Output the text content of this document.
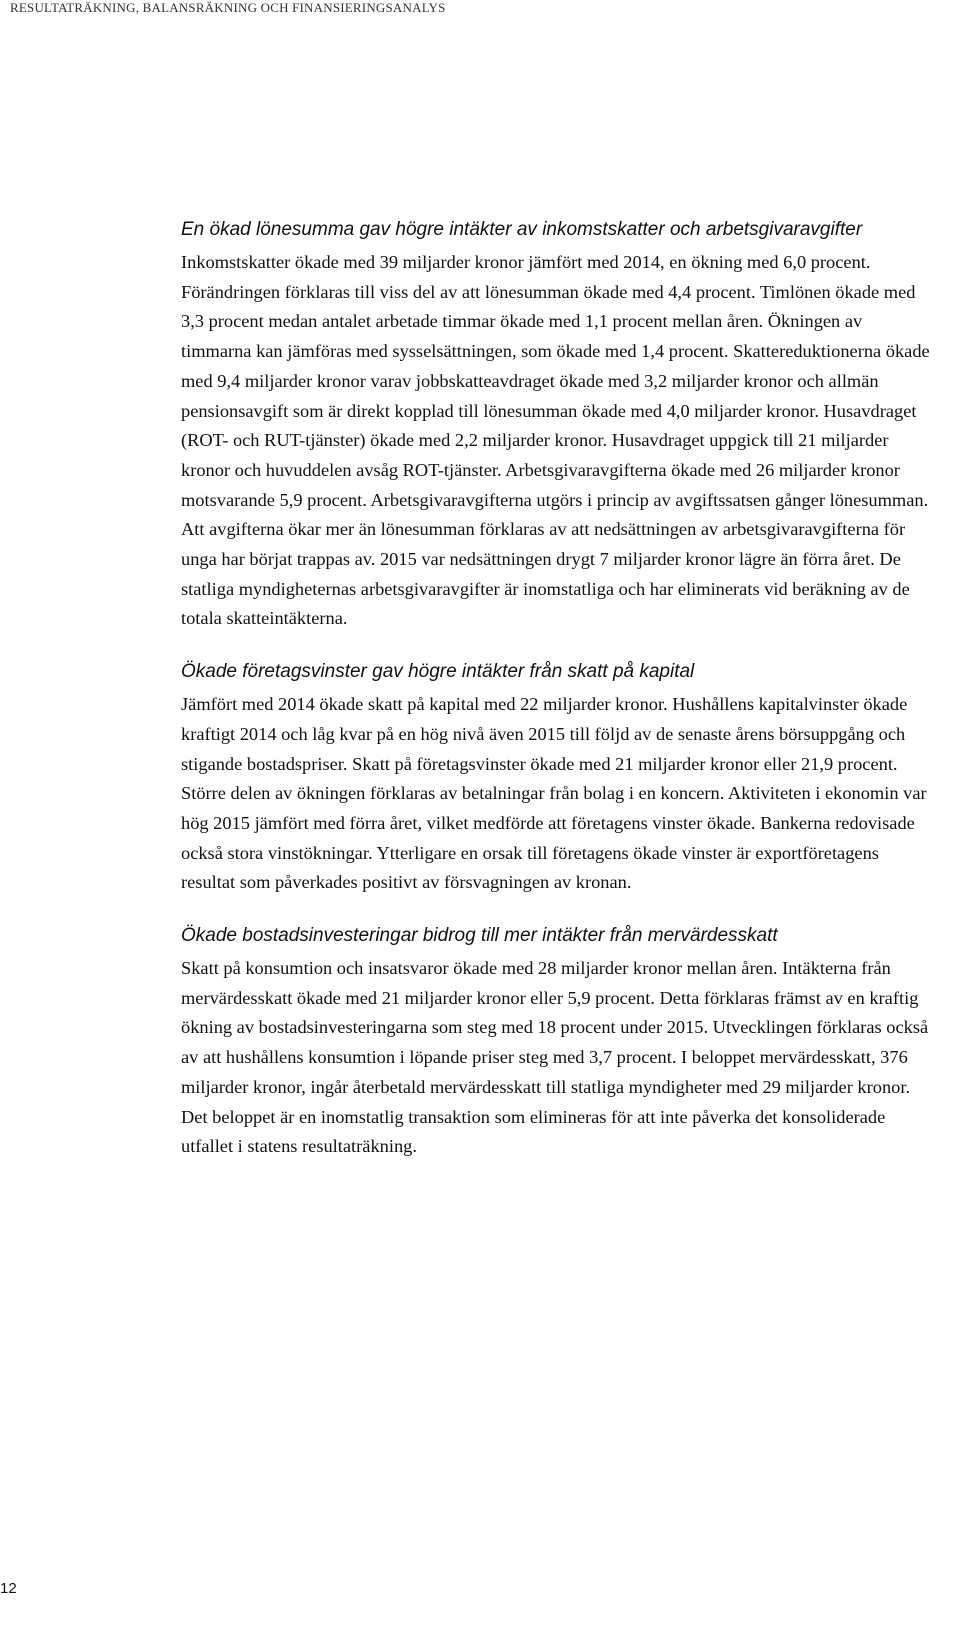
RESULTATRÄKNING, BALANSRÄKNING OCH FINANSIERINGSANALYS
En ökad lönesumma gav högre intäkter av inkomstskatter och arbetsgivaravgifter

Inkomstskatter ökade med 39 miljarder kronor jämfört med 2014, en ökning med 6,0 procent. Förändringen förklaras till viss del av att lönesumman ökade med 4,4 procent. Timlönen ökade med 3,3 procent medan antalet arbetade timmar ökade med 1,1 procent mellan åren. Ökningen av timmarna kan jämföras med sysselsättningen, som ökade med 1,4 procent. Skattereduktionerna ökade med 9,4 miljarder kronor varav jobbskatteavdraget ökade med 3,2 miljarder kronor och allmän pensionsavgift som är direkt kopplad till lönesumman ökade med 4,0 miljarder kronor. Husavdraget (ROT- och RUT-tjänster) ökade med 2,2 miljarder kronor. Husavdraget uppgick till 21 miljarder kronor och huvuddelen avsåg ROT-tjänster. Arbetsgivaravgifterna ökade med 26 miljarder kronor motsvarande 5,9 procent. Arbetsgivaravgifterna utgörs i princip av avgiftssatsen gånger lönesumman. Att avgifterna ökar mer än lönesumman förklaras av att nedsättningen av arbetsgivaravgifterna för unga har börjat trappas av. 2015 var nedsättningen drygt 7 miljarder kronor lägre än förra året. De statliga myndigheternas arbetsgivaravgifter är inomstatliga och har eliminerats vid beräkning av de totala skatteintäkterna.

Ökade företagsvinster gav högre intäkter från skatt på kapital

Jämfört med 2014 ökade skatt på kapital med 22 miljarder kronor. Hushållens kapitalvinster ökade kraftigt 2014 och låg kvar på en hög nivå även 2015 till följd av de senaste årens börsuppgång och stigande bostadspriser. Skatt på företagsvinster ökade med 21 miljarder kronor eller 21,9 procent. Större delen av ökningen förklaras av betalningar från bolag i en koncern. Aktiviteten i ekonomin var hög 2015 jämfört med förra året, vilket medförde att företagens vinster ökade. Bankerna redovisade också stora vinstökningar. Ytterligare en orsak till företagens ökade vinster är exportföretagens resultat som påverkades positivt av försvagningen av kronan.

Ökade bostadsinvesteringar bidrog till mer intäkter från mervärdesskatt

Skatt på konsumtion och insatsvaror ökade med 28 miljarder kronor mellan åren. Intäkterna från mervärdesskatt ökade med 21 miljarder kronor eller 5,9 procent. Detta förklaras främst av en kraftig ökning av bostadsinvesteringarna som steg med 18 procent under 2015. Utvecklingen förklaras också av att hushållens konsumtion i löpande priser steg med 3,7 procent. I beloppet mervärdesskatt, 376 miljarder kronor, ingår återbetald mervärdesskatt till statliga myndigheter med 29 miljarder kronor. Det beloppet är en inomstatlig transaktion som elimineras för att inte påverka det konsoliderade utfallet i statens resultaträkning.

12
